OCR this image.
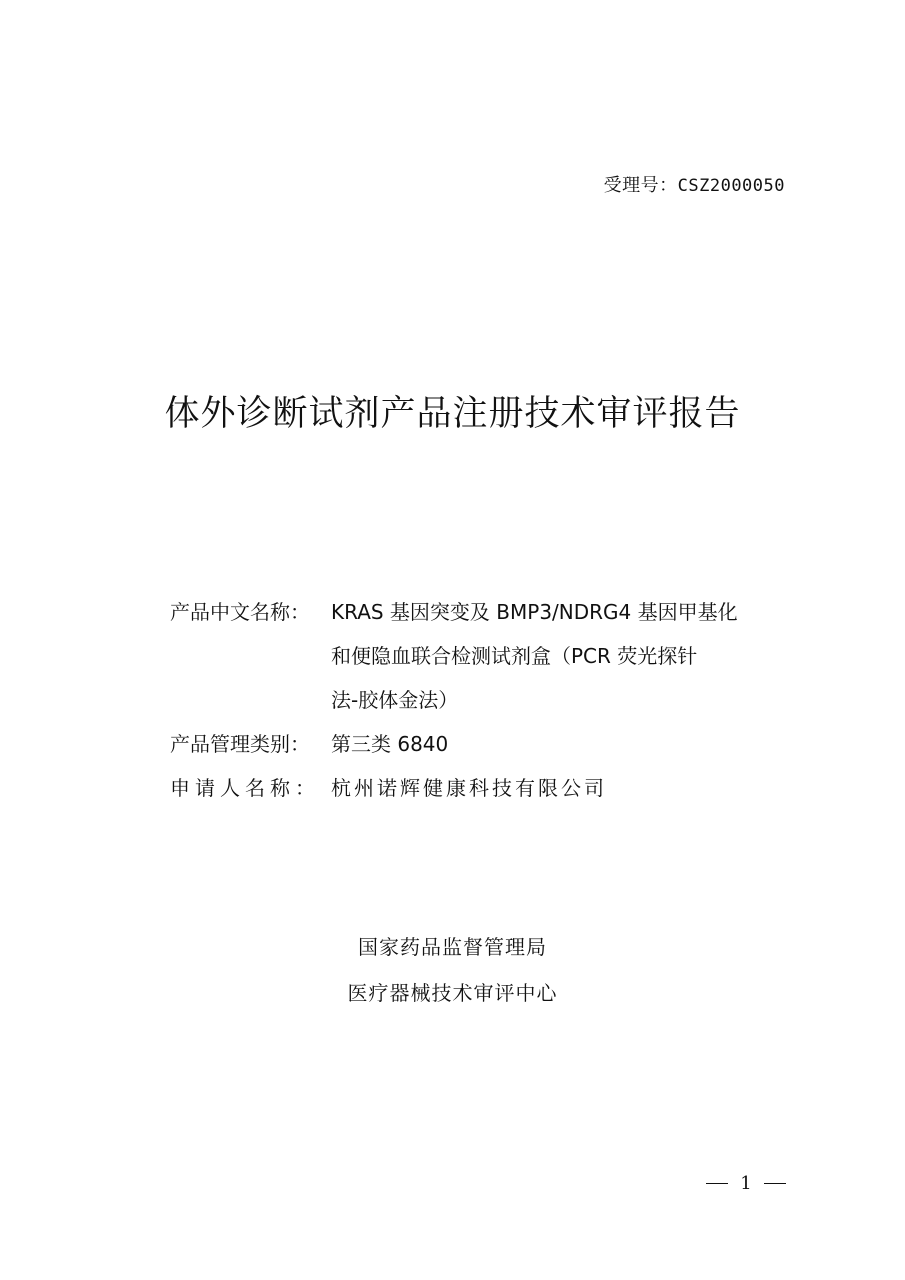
受理号：CSZ2000050
体外诊断试剂产品注册技术审评报告
产品中文名称：	KRAS 基因突变及 BMP3/NDRG4 基因甲基化
和便隐血联合检测试剂盒（PCR 荧光探针
法-胶体金法）
产品管理类别：	第三类 6840
申请人名称： 杭州诺辉健康科技有限公司
国家药品监督管理局
医疗器械技术审评中心
1
